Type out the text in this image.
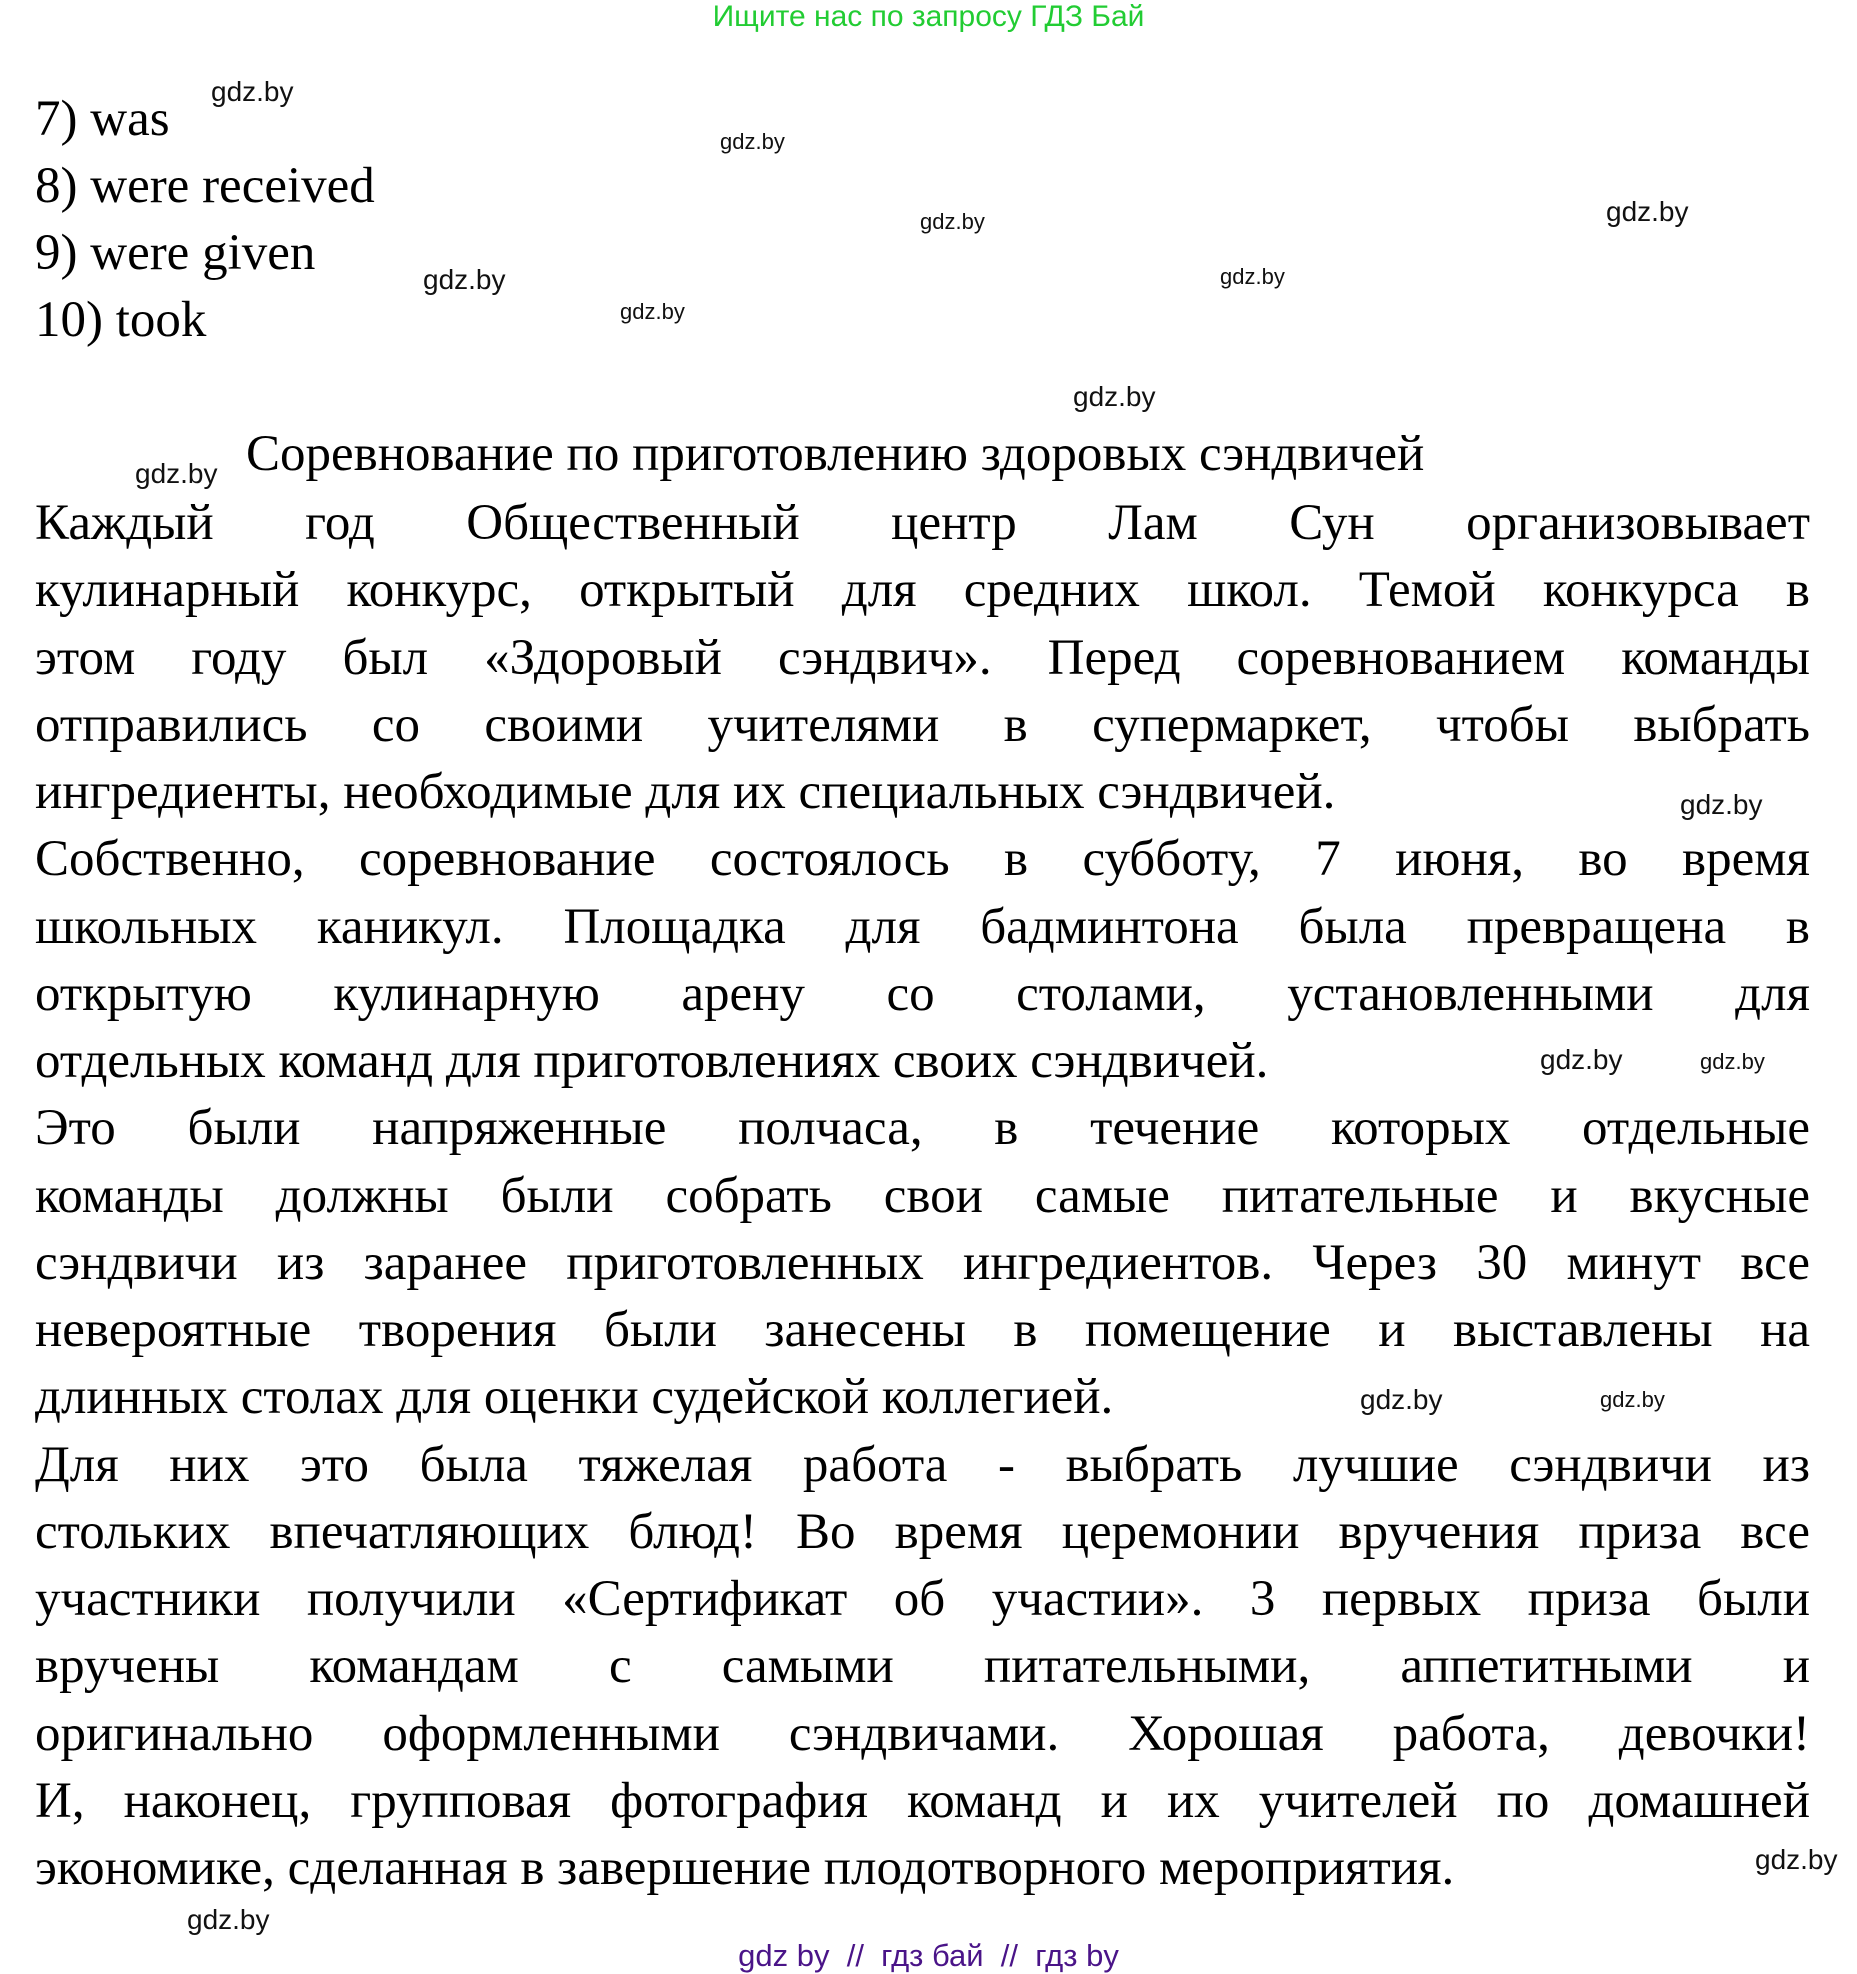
Ищите нас по запросу ГДЗ Бай
7) was
8) were received
9) were given
10) took
Соревнование по приготовлению здоровых сэндвичей
Каждый год Общественный центр Лам Сун организовывает
кулинарный конкурс, открытый для средних школ. Темой конкурса в
этом году был «Здоровый сэндвич». Перед соревнованием команды
отправились со своими учителями в супермаркет, чтобы выбрать
ингредиенты, необходимые для их специальных сэндвичей.
Собственно, соревнование состоялось в субботу, 7 июня, во время
школьных каникул. Площадка для бадминтона была превращена в
открытую кулинарную арену со столами, установленными для
отдельных команд для приготовлениях своих сэндвичей.
Это были напряженные полчаса, в течение которых отдельные
команды должны были собрать свои самые питательные и вкусные
сэндвичи из заранее приготовленных ингредиентов. Через 30 минут все
невероятные творения были занесены в помещение и выставлены на
длинных столах для оценки судейской коллегией.
Для них это была тяжелая работа - выбрать лучшие сэндвичи из
стольких впечатляющих блюд! Во время церемонии вручения приза все
участники получили «Сертификат об участии». 3 первых приза были
вручены командам с самыми питательными, аппетитными и
оригинально оформленными сэндвичами. Хорошая работа, девочки!
И, наконец, групповая фотография команд и их учителей по домашней
экономике, сделанная в завершение плодотворного мероприятия.
gdz.by
gdz.by
gdz.by
gdz.by
gdz.by
gdz.by
gdz.by
gdz.by
gdz.by	gdz.by
gdz.by
gdz.by
gdz.by
gdz.by
gdz.by
gdz.by
gdz by  //  гдз бай  //  гдз by
